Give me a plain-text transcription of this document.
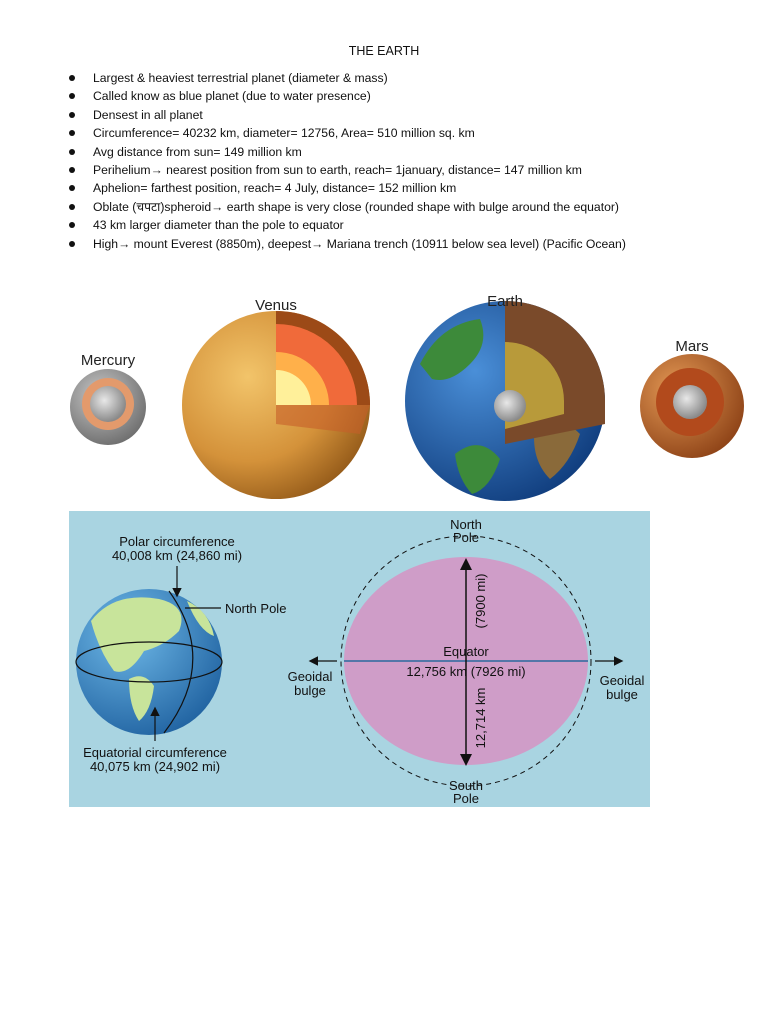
THE EARTH
Largest & heaviest terrestrial planet (diameter & mass)
Called know as blue planet (due to water presence)
Densest in all planet
Circumference= 40232 km, diameter= 12756, Area= 510 million sq. km
Avg distance from sun= 149 million km
Perihelium→ nearest position from sun to earth, reach= 1january, distance= 147 million km
Aphelion= farthest position, reach= 4 July, distance= 152 million km
Oblate (चपटा)spheroid→ earth shape is very close (rounded shape with bulge around the equator)
43 km larger diameter than the pole to equator
High→ mount Everest (8850m), deepest→ Mariana trench (10911 below sea level) (Pacific Ocean)
Mercury
Venus	Earth
Mars
Polar circumference
40,008 km (24,860 mi)
North Pole
Equatorial circumference
40,075 km (24,902 mi)
North
Pole
South
Pole
(7900 mi)
12,714 km
Equator
12,756 km (7926 mi)
Geoidal
bulge
Geoidal
bulge
